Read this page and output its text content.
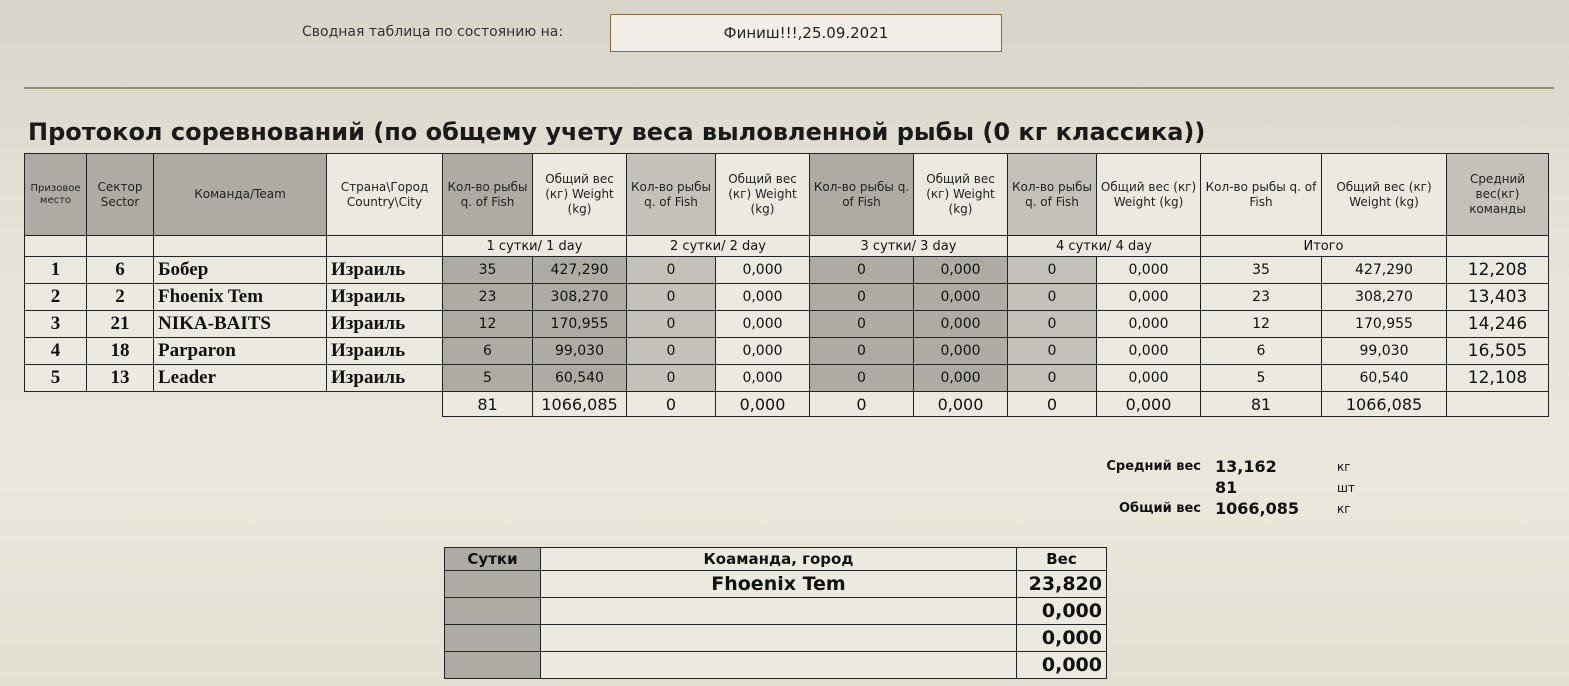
Сводная таблица по состоянию на:	Финиш!!!,25.09.2021
Протокол соревнований (по общему учету веса выловленной рыбы (0 кг классика))
Призовое место	Сектор Sector	Команда/Team	Страна\Город Country\City	Кол-во рыбы q. of Fish	Общий вес (кг) Weight (kg)	Кол-во рыбы q. of Fish	Общий вес (кг) Weight (kg)	Кол-во рыбы q. of Fish	Общий вес (кг) Weight (kg)	Кол-во рыбы q. of Fish	Общий вес (кг) Weight (kg)	Кол-во рыбы q. of Fish	Общий вес (кг) Weight (kg)	Средний вес(кг) команды
				1 сутки/ 1 day		2 сутки/ 2 day		3 сутки/ 3 day		4 сутки/ 4 day		Итого		
1	6	Бобер	Израиль	35	427,290	0	0,000	0	0,000	0	0,000	35	427,290	12,208
2	2	Fhoenix Tem	Израиль	23	308,270	0	0,000	0	0,000	0	0,000	23	308,270	13,403
3	21	NIKA-BAITS	Израиль	12	170,955	0	0,000	0	0,000	0	0,000	12	170,955	14,246
4	18	Parparon	Израиль	6	99,030	0	0,000	0	0,000	0	0,000	6	99,030	16,505
5	13	Leader	Израиль	5	60,540	0	0,000	0	0,000	0	0,000	5	60,540	12,108
				81	1066,085	0	0,000	0	0,000	0	0,000	81	1066,085	
Средний вес		13,162	кг
		81	шт
Общий вес		1066,085	кг
Сутки	Коаманда, город	Вес
	Fhoenix Tem	23,820
		0,000
		0,000
		0,000
